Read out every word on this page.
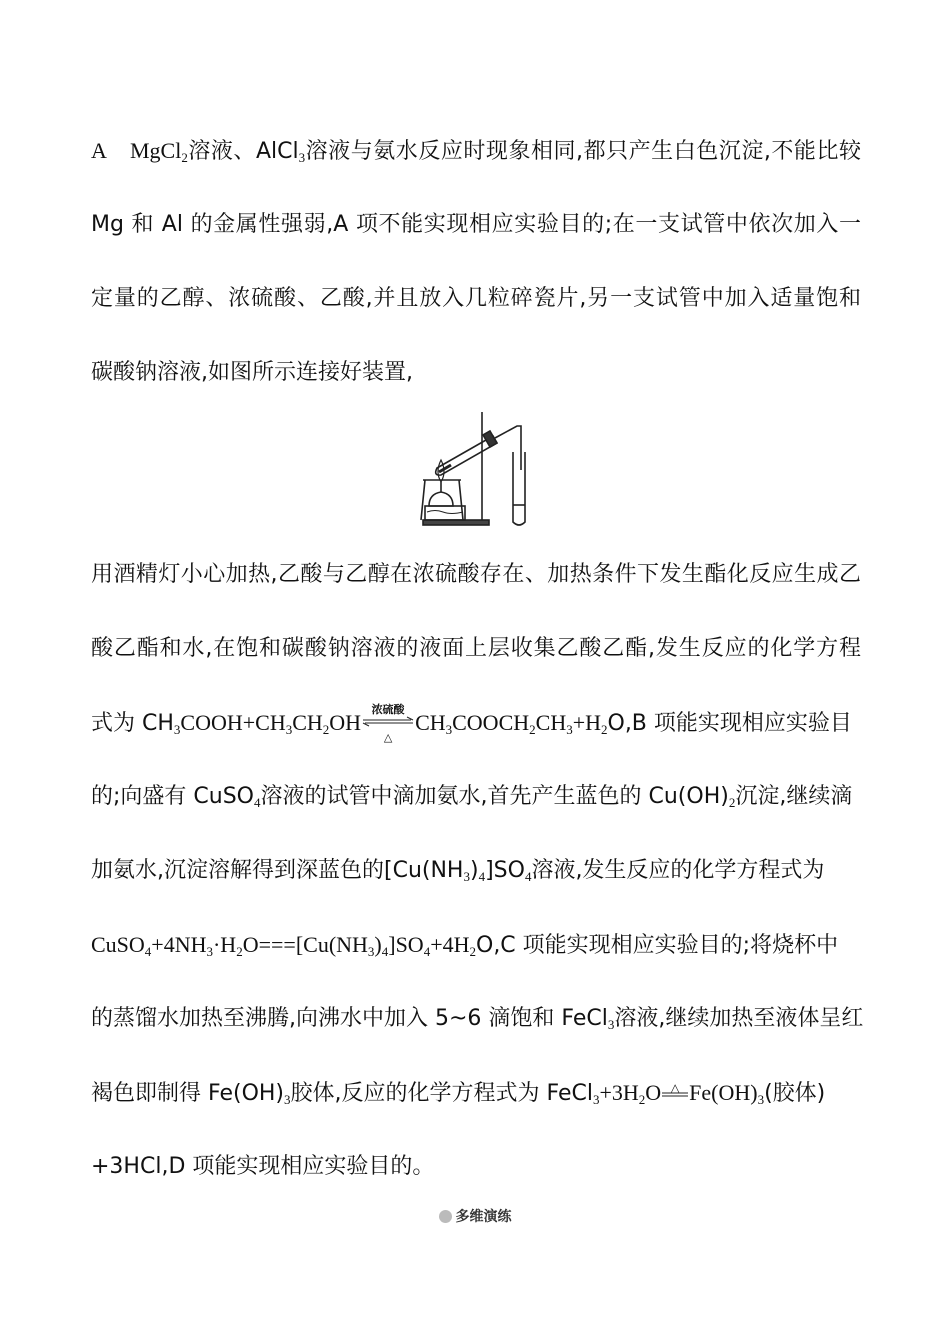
A　 MgCl$_2$溶液、AlCl$_3$溶液与氨水反应时现象相同,都只产生白色沉淀,不能比较
Mg 和 Al 的金属性强弱,A 项不能实现相应实验目的;在一支试管中依次加入一
定量的乙醇、浓硫酸、乙酸,并且放入几粒碎瓷片,另一支试管中加入适量饱和
碳酸钠溶液,如图所示连接好装置,
用酒精灯小心加热,乙酸与乙醇在浓硫酸存在、加热条件下发生酯化反应生成乙
酸乙酯和水,在饱和碳酸钠溶液的液面上层收集乙酸乙酯,发生反应的化学方程
式为 $CH_3COOH+CH_3CH_2OH$
浓硫酸
△
$CH_3COOCH_2CH_3+H_2O,B$ 项能实现相应实验目
的;向盛有 CuSO$_4$溶液的试管中滴加氨水,首先产生蓝色的 $Cu(OH)_2$沉淀,继续滴
加氨水,沉淀溶解得到深蓝色的$[Cu(NH_3)_4]SO_4$溶液,发生反应的化学方程式为
$CuSO_4+4NH_3\cdot H_2O===[Cu(NH_3)_4]SO_4+4H_2O,C$ 项能实现相应实验目的;将烧杯中
的蒸馏水加热至沸腾,向沸水中加入 5~6 滴饱和 FeCl$_3$溶液,继续加热至液体呈红
褐色即制得 $Fe(OH)_3$胶体,反应的化学方程式为 $FeCl_3+3H_2O$ △ $Fe(OH)_3$(胶体)
+3HCl,D 项能实现相应实验目的。
多维演练
